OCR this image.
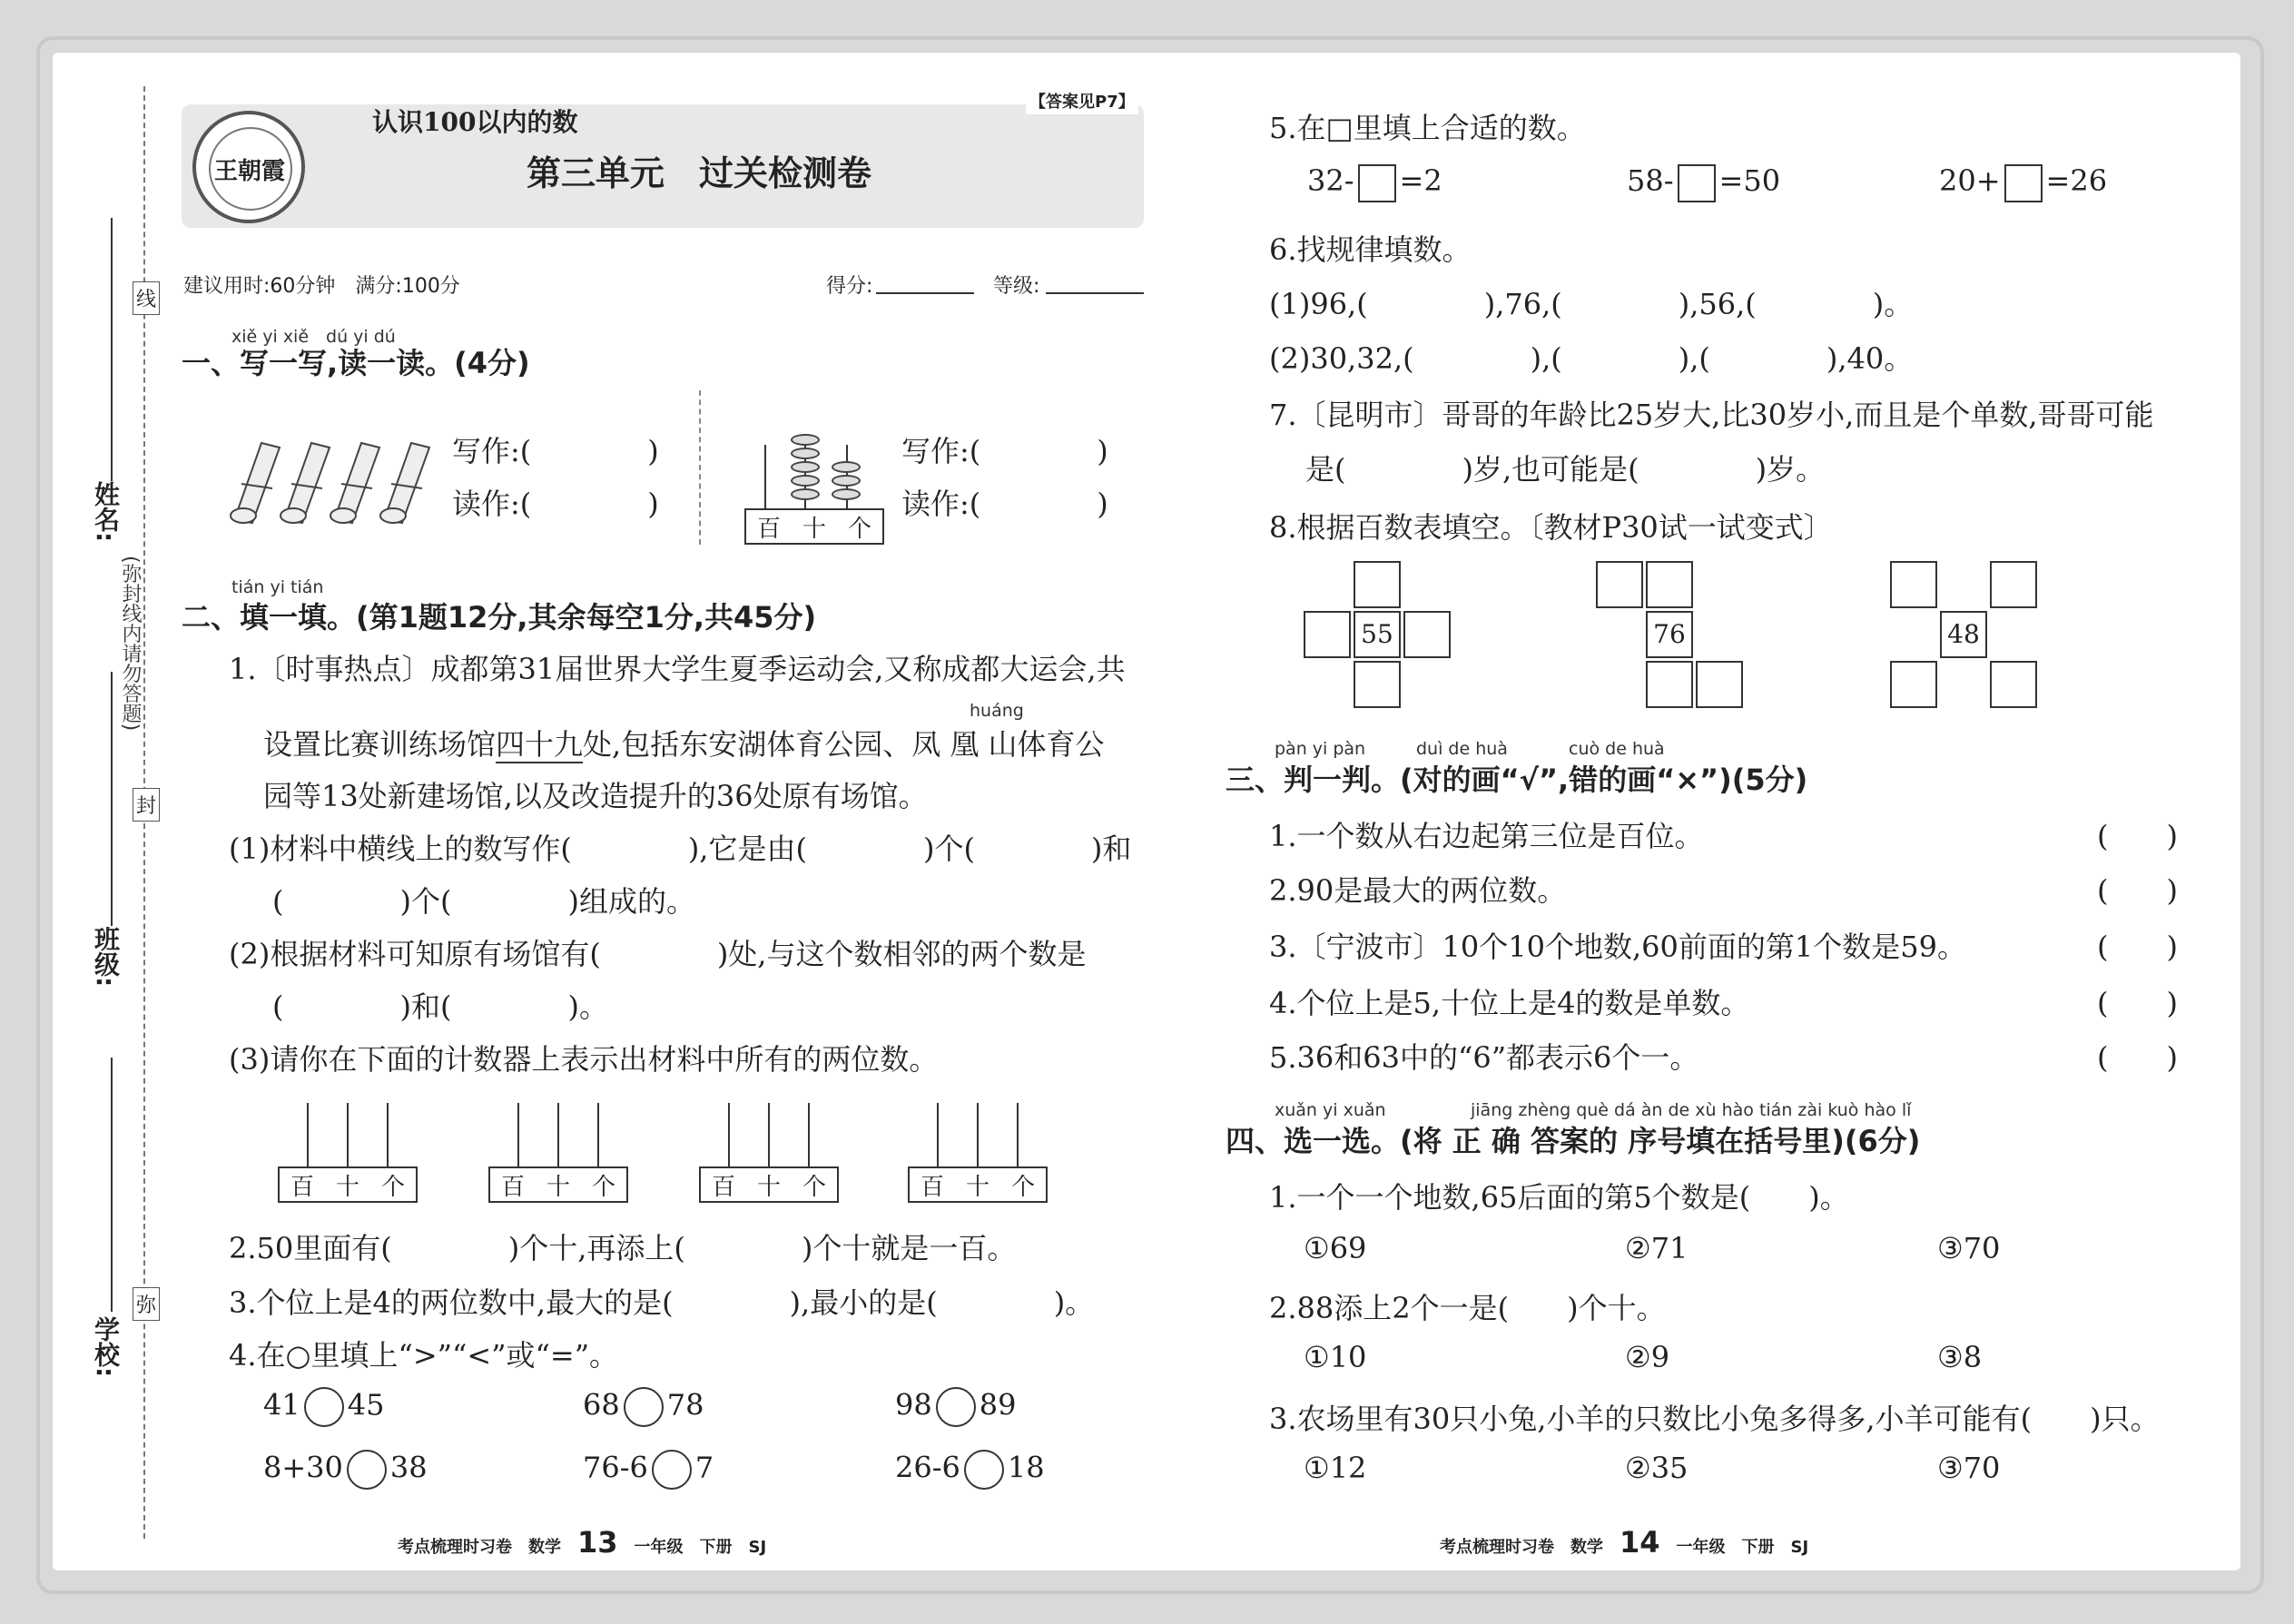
线
封
弥
(弥封线内请勿答题)
姓名:
班级:
学校:
王朝霞
认识100以内的数
【答案见P7】
第三单元　过关检测卷
建议用时:60分钟　满分:100分	得分:	等级:
xiě yi xiě　dú yi dú
一、写一写,读一读。(4分)
写作:(　　　　)
读作:(　　　　)
百 十 个
写作:(　　　　)
读作:(　　　　)
tián yi tián
二、填一填。(第1题12分,其余每空1分,共45分)
1.〔时事热点〕成都第31届世界大学生夏季运动会,又称成都大运会,共
huáng
设置比赛训练场馆四十九处,包括东安湖体育公园、凤 凰 山体育公
园等13处新建场馆,以及改造提升的36处原有场馆。
(1)材料中横线上的数写作(　　　　),它是由(　　　　)个(　　　　)和
(　　　　)个(　　　　)组成的。
(2)根据材料可知原有场馆有(　　　　)处,与这个数相邻的两个数是
(　　　　)和(　　　　)。
(3)请你在下面的计数器上表示出材料中所有的两位数。
百 十 个	百 十 个	百 十 个	百 十 个
2.50里面有(　　　　)个十,再添上(　　　　)个十就是一百。
3.个位上是4的两位数中,最大的是(　　　　),最小的是(　　　　)。
4.在○里填上“>”“<”或“=”。
41 45	68 78	98 89
8+30 38	76-6 7	26-6 18
考点梳理时习卷　数学 13 一年级　下册　SJ
5.在□里填上合适的数。
32- =2	58- =50	20+ =26
6.找规律填数。
(1)96,(　　　　),76,(　　　　),56,(　　　　)。
(2)30,32,(　　　　),(　　　　),(　　　　),40。
7.〔昆明市〕哥哥的年龄比25岁大,比30岁小,而且是个单数,哥哥可能
是(　　　　)岁,也可能是(　　　　)岁。
8.根据百数表填空。〔教材P30试一试变式〕
55	76	48
pàn yi pàn	duì de huà	cuò de huà
三、判一判。(对的画“√”,错的画“×”)(5分)
1.一个数从右边起第三位是百位。	(　　)
2.90是最大的两位数。	(　　)
3.〔宁波市〕10个10个地数,60前面的第1个数是59。	(　　)
4.个位上是5,十位上是4的数是单数。	(　　)
5.36和63中的“6”都表示6个一。	(　　)
xuǎn yi xuǎn	jiāng zhèng què dá àn de xù hào tián zài kuò hào lǐ
四、选一选。(将 正 确 答案的 序号填在括号里)(6分)
1.一个一个地数,65后面的第5个数是(　　)。
①69	②71	③70
2.88添上2个一是(　　)个十。
①10	②9	③8
3.农场里有30只小兔,小羊的只数比小兔多得多,小羊可能有(　　)只。
①12	②35	③70
考点梳理时习卷　数学 14 一年级　下册　SJ
